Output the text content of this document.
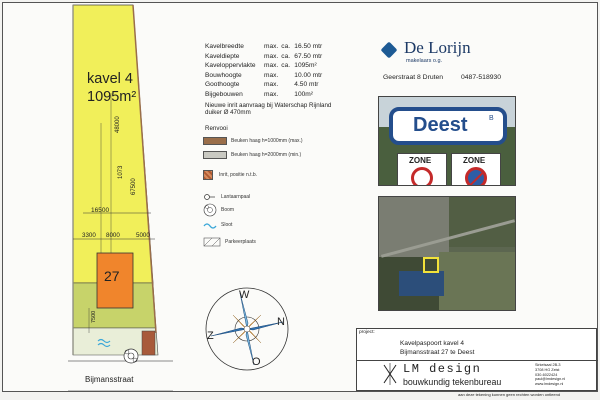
kavel 4
1095m²
48000
1073
67500
16500
3300 8000	5000
27
7500
Bijmansstraat
Kavelbreedte	max.	ca.	16.50 mtr
Kaveldiepte	max.	ca.	67.50 mtr
Kaveloppervlakte	max.	ca.	1095m²
Bouwhoogte	max.		10.00 mtr
Goothoogte	max.		4.50 mtr
Bijgebouwen	max.		100m²
Nieuwe inrit aanvraag bij Waterschap Rijnland
duiker Ø 470mm
Renvooi
Beuken haag h=1000mm (max.)
Beuken haag h=2000mm (min.)
Inrit, positie n.t.b.
Lantaarnpaal
Boom
Sloot
Parkeerplaats
W
N
Z
O
De Lorijn
makelaars o.g.
Geerstraat 8 Druten	0487-518930
Deest	B
ZONE	ZONE
project:
Kavelpaspoort kavel 4
Bijmansstraat 27 te Deest
LM design
bouwkundig tekenbureau
Sirkelsaal 2B-3
3708 HG Zeist
030-6022424
paul@lmdesign.nl
www.lmdesign.nl
aan deze tekening kunnen geen rechten worden ontleend
